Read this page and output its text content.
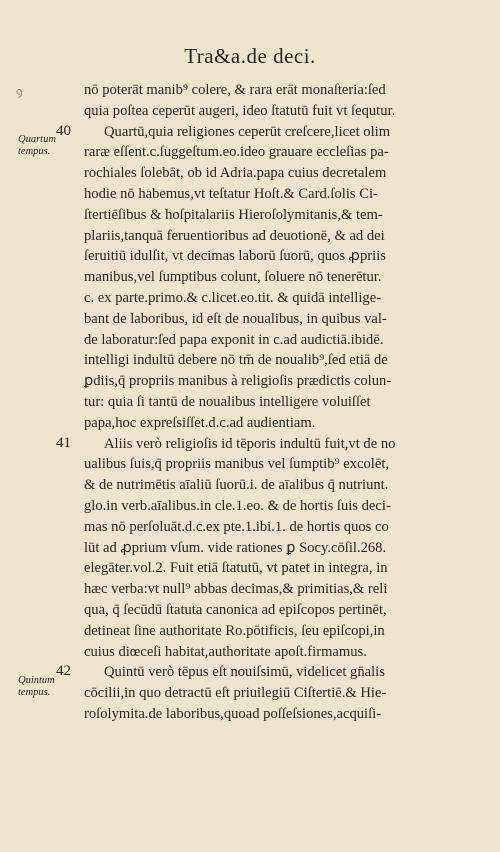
ꝯ
Tra&a.de deci.
nō poterāt manib⁹ colere, & rara erāt monaſteria:ſed
quia poſtea ceperūt augeri, ideo ſtatutū fuit vt ſequtur.
Quartū,quia religiones ceperūt creſcere,licet olim
raræ eſſent.c.ſuggeſtum.eo.ideo grauare eccleſias pa-
rochiales ſolebāt, ob id Adria.papa cuius decretalem
hodie nō habemus,vt teſtatur Hoſt.& Card.ſolis Ci-
ſtertiēſibus & hoſpitalariis Hieroſolymitanis,& tem-
plariis,tanquā feruentioribus ad deuotionē, & ad dei
ſeruitiū idulſit, vt decimas laborū ſuorū, quos ꝓpriis
manibus,vel ſumptibus colunt, ſoluere nō tenerētur.
c. ex parte.primo.& c.licet.eo.tit. & quidā intellige-
bant de laboribus, id eſt de noualibus, in quibus val-
de laboratur:ſed papa exponit in c.ad audictiā.ibidē.
intelligi indultū debere nō tm̄ de noualib⁹,ſed etiā de
ꝑdiis,q̄ propriis manibus à religioſis prædictis colun-
tur: quia ſi tantū de noualibus intelligere voluiſſet
papa,hoc expreſsiſſet.d.c.ad audientiam.
Aliis verò religioſis id tēporis indultū fuit,vt de no
ualibus ſuis,q̄ propriis manibus vel ſumptib⁹ excolēt,
& de nutrimētis aīaliū ſuorū.i. de aīalibus q̄ nutriunt.
glo.in verb.aīalibus.in cle.1.eo. & de hortis ſuis deci-
mas nō perſoluāt.d.c.ex pte.1.ibi.1. de hortis quos co
lūt ad ꝓprium vſum. vide rationes ꝑ Socy.cōſil.268.
elegāter.vol.2. Fuit etiā ſtatutū, vt patet in integra, in
hæc verba:vt null⁹ abbas decimas,& primitias,& reli
qua, q̄ ſecūdū ſtatuta canonica ad epiſcopos pertinēt,
detineat ſine authoritate Ro.pōtificis, ſeu epiſcopi,in
cuius diœceſi habitat,authoritate apoſt.firmamus.
Quintū verò tēpus eſt nouiſsimū, videlicet gn̄alis
cōcilii,in quo detractū eſt priuilegiū Ciſtertiē.& Hie-
roſolymita.de laboribus,quoad poſſeſsiones,acquiſi-
40
41
42
Quartum tempus.
Quintum tempus.
